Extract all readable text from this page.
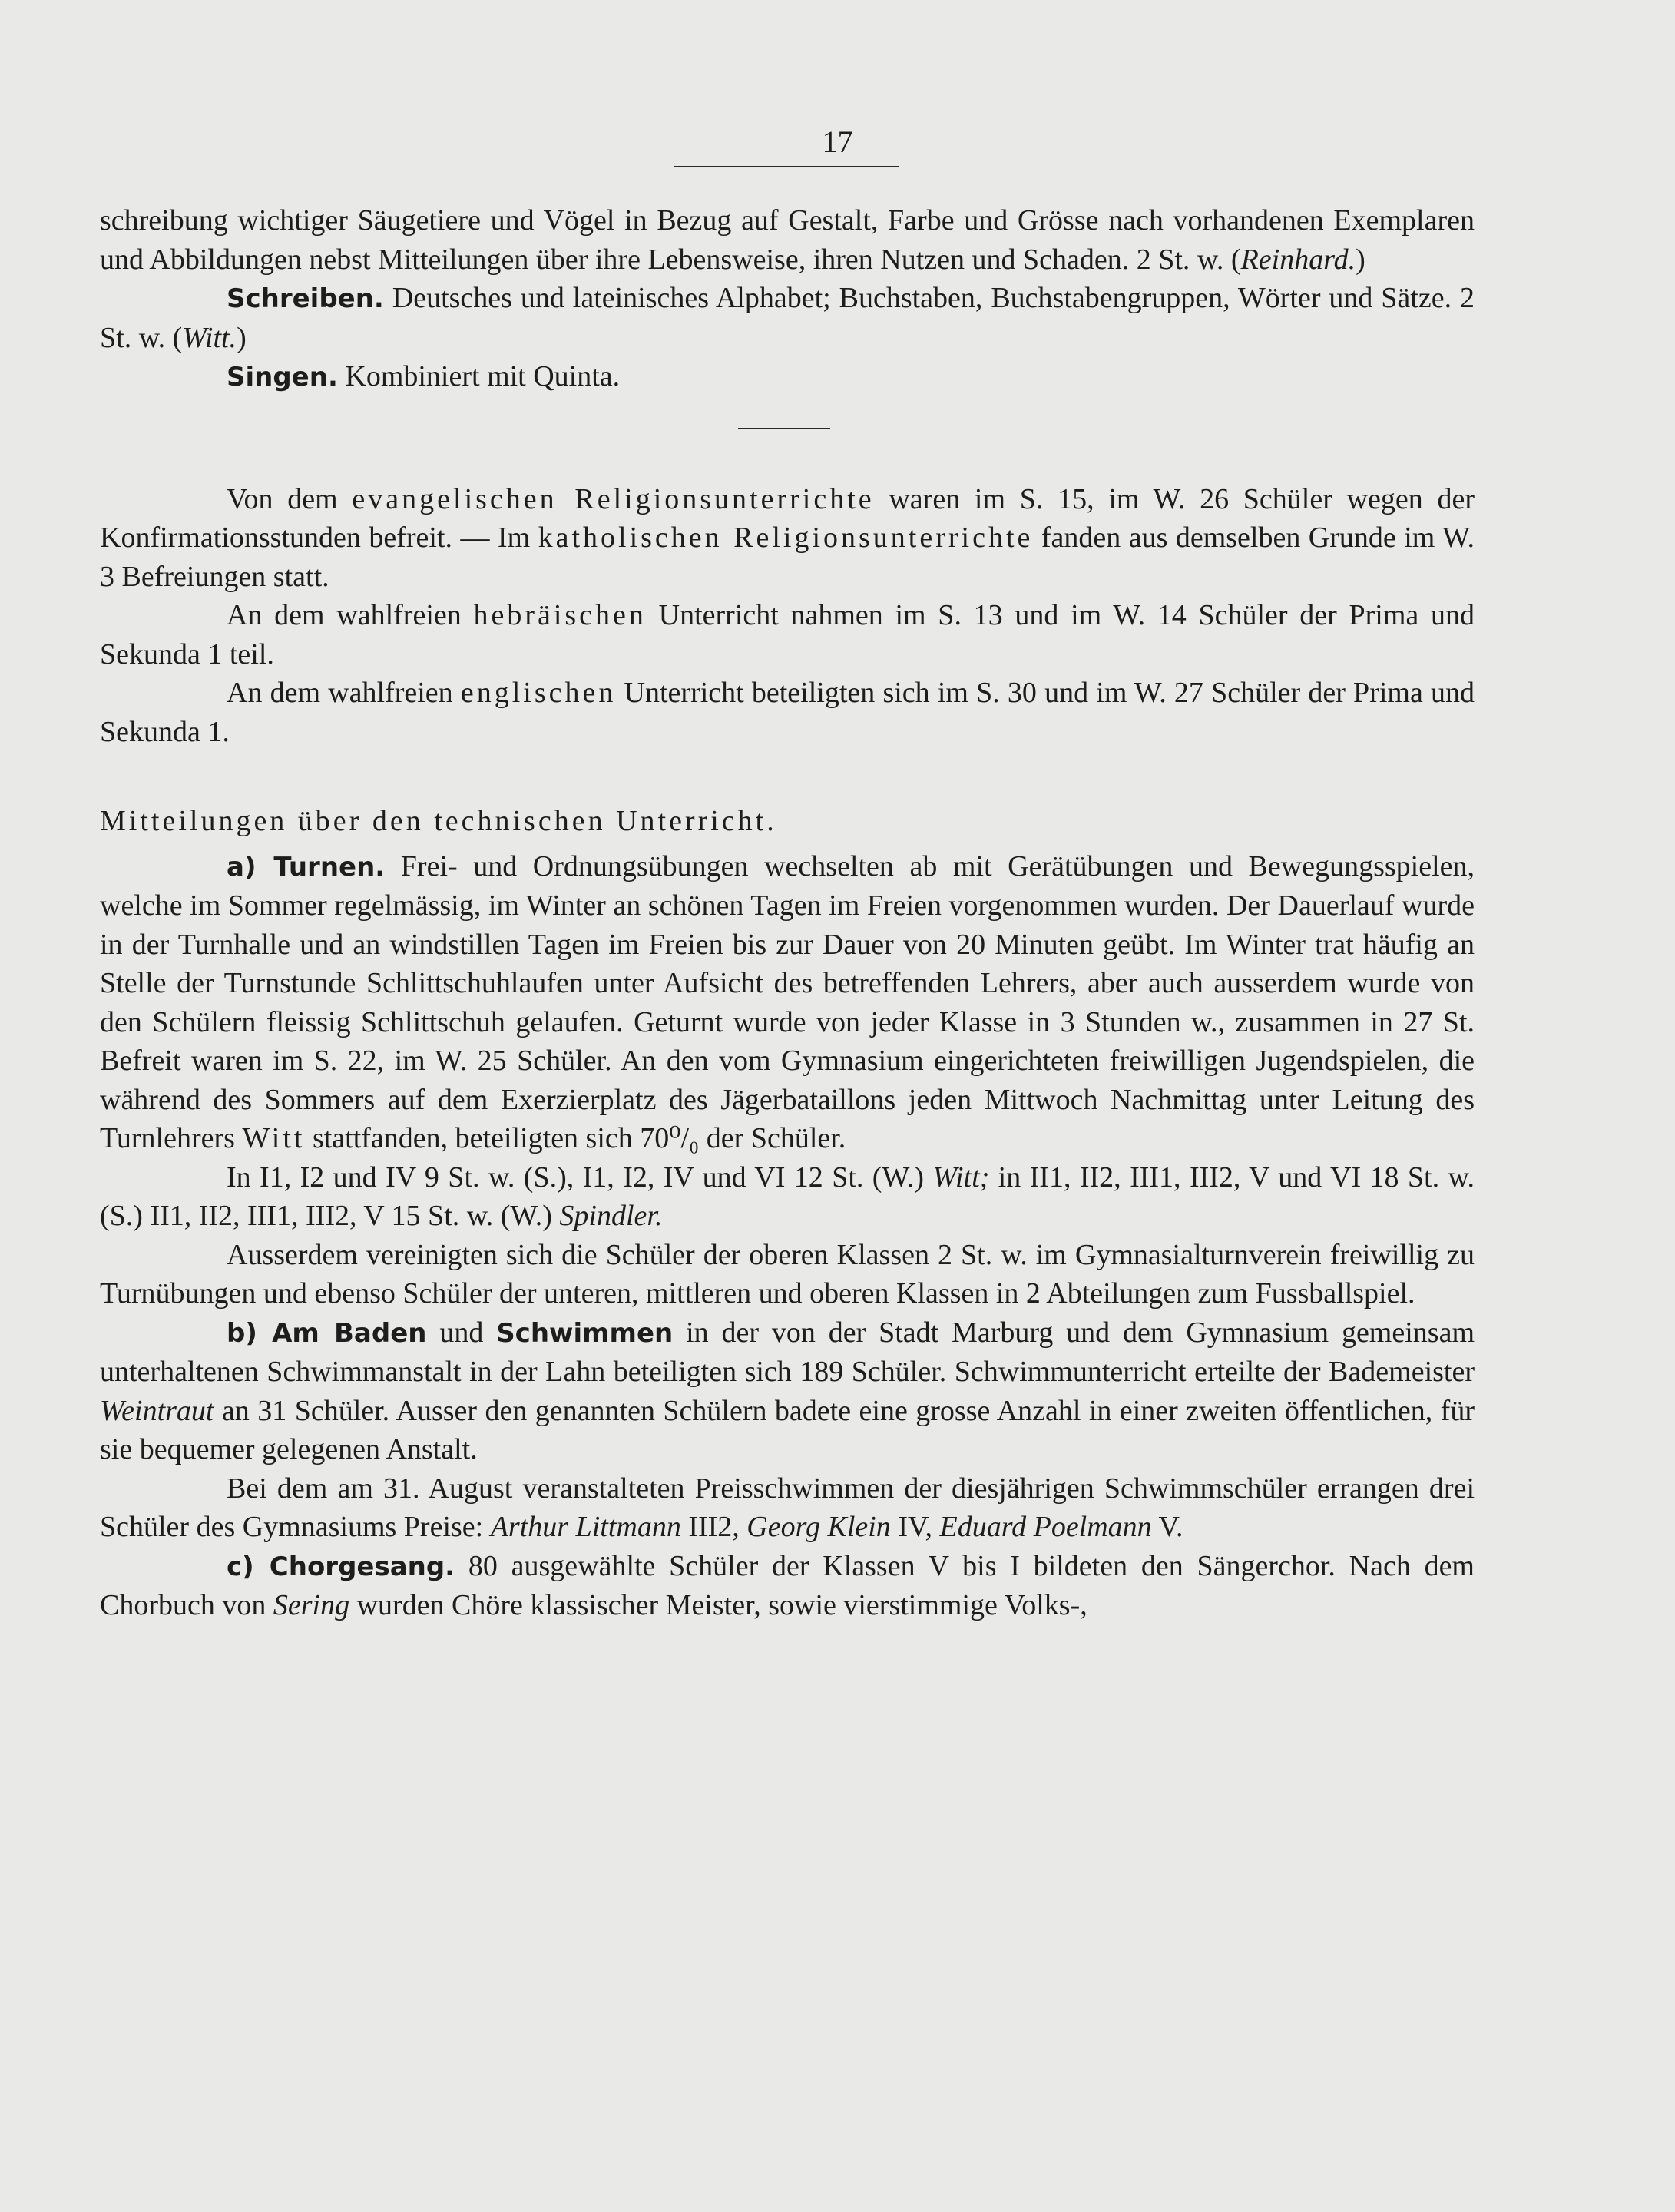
17

schreibung wichtiger Säugetiere und Vögel in Bezug auf Gestalt, Farbe und Grösse nach vorhandenen Exemplaren und Abbildungen nebst Mitteilungen über ihre Lebensweise, ihren Nutzen und Schaden. 2 St. w. (Reinhard.)

Schreiben. Deutsches und lateinisches Alphabet; Buchstaben, Buchstabengruppen, Wörter und Sätze. 2 St. w. (Witt.)

Singen. Kombiniert mit Quinta.

Von dem evangelischen Religionsunterrichte waren im S. 15, im W. 26 Schüler wegen der Konfirmationsstunden befreit. — Im katholischen Religionsunterrichte fanden aus demselben Grunde im W. 3 Befreiungen statt.

An dem wahlfreien hebräischen Unterricht nahmen im S. 13 und im W. 14 Schüler der Prima und Sekunda 1 teil.

An dem wahlfreien englischen Unterricht beteiligten sich im S. 30 und im W. 27 Schüler der Prima und Sekunda 1.

Mitteilungen über den technischen Unterricht.

a) Turnen. Frei- und Ordnungsübungen wechselten ab mit Gerätübungen und Bewegungsspielen, welche im Sommer regelmässig, im Winter an schönen Tagen im Freien vorgenommen wurden. Der Dauerlauf wurde in der Turnhalle und an windstillen Tagen im Freien bis zur Dauer von 20 Minuten geübt. Im Winter trat häufig an Stelle der Turnstunde Schlittschuhlaufen unter Aufsicht des betreffenden Lehrers, aber auch ausserdem wurde von den Schülern fleissig Schlittschuh gelaufen. Geturnt wurde von jeder Klasse in 3 Stunden w., zusammen in 27 St. Befreit waren im S. 22, im W. 25 Schüler. An den vom Gymnasium eingerichteten freiwilligen Jugendspielen, die während des Sommers auf dem Exerzierplatz des Jägerbataillons jeden Mittwoch Nachmittag unter Leitung des Turnlehrers Witt stattfanden, beteiligten sich 70⁰/₀ der Schüler.

In I1, I2 und IV 9 St. w. (S.), I1, I2, IV und VI 12 St. (W.) Witt; in II1, II2, III1, III2, V und VI 18 St. w. (S.) II1, II2, III1, III2, V 15 St. w. (W.) Spindler.

Ausserdem vereinigten sich die Schüler der oberen Klassen 2 St. w. im Gymnasialturnverein freiwillig zu Turnübungen und ebenso Schüler der unteren, mittleren und oberen Klassen in 2 Abteilungen zum Fussballspiel.

b) Am Baden und Schwimmen in der von der Stadt Marburg und dem Gymnasium gemeinsam unterhaltenen Schwimmanstalt in der Lahn beteiligten sich 189 Schüler. Schwimmunterricht erteilte der Bademeister Weintraut an 31 Schüler. Ausser den genannten Schülern badete eine grosse Anzahl in einer zweiten öffentlichen, für sie bequemer gelegenen Anstalt.

Bei dem am 31. August veranstalteten Preisschwimmen der diesjährigen Schwimmschüler errangen drei Schüler des Gymnasiums Preise: Arthur Littmann III2, Georg Klein IV, Eduard Poelmann V.

c) Chorgesang. 80 ausgewählte Schüler der Klassen V bis I bildeten den Sängerchor. Nach dem Chorbuch von Sering wurden Chöre klassischer Meister, sowie vierstimmige Volks-,
